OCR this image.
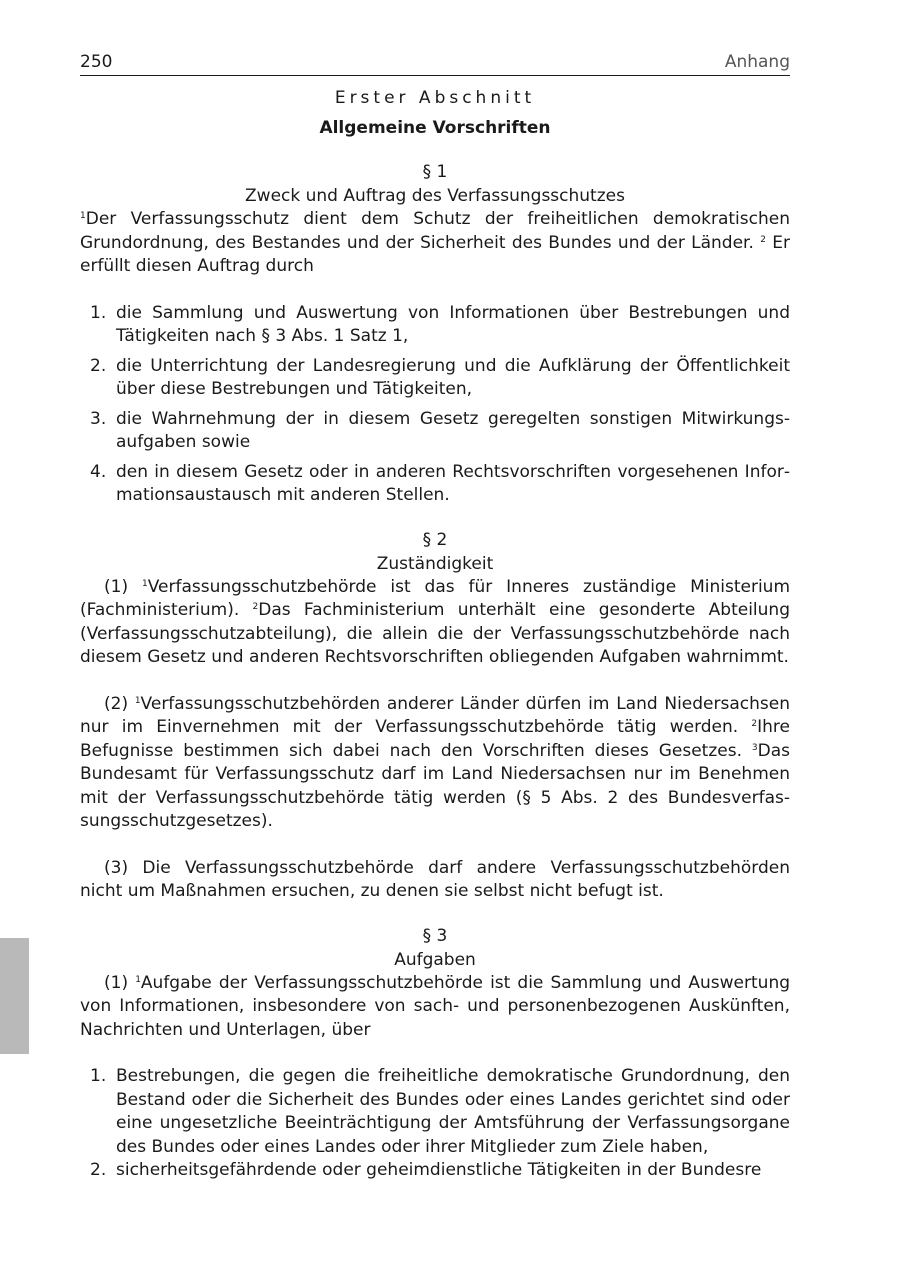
250	Anhang
Erster Abschnitt
Allgemeine Vorschriften
§ 1
Zweck und Auftrag des Verfassungsschutzes

$^1$Der Verfassungsschutz dient dem Schutz der freiheitlichen demokratischen Grundordnung, des Bestandes und der Sicherheit des Bundes und der Länder. $^2$ Er erfüllt diesen Auftrag durch

1. die Sammlung und Auswertung von Informationen über Bestrebungen und Tätigkeiten nach § 3 Abs. 1 Satz 1,
2. die Unterrichtung der Landesregierung und die Aufklärung der Öffentlichkeit über diese Bestrebungen und Tätigkeiten,
3. die Wahrnehmung der in diesem Gesetz geregelten sonstigen Mitwirkungsaufgaben sowie
4. den in diesem Gesetz oder in anderen Rechtsvorschriften vorgesehenen Informationsaustausch mit anderen Stellen.
§ 2
Zuständigkeit

(1) $^1$Verfassungsschutzbehörde ist das für Inneres zuständige Ministerium (Fachministerium). $^2$Das Fachministerium unterhält eine gesonderte Abteilung (Verfassungsschutzabteilung), die allein die der Verfassungsschutzbehörde nach diesem Gesetz und anderen Rechtsvorschriften obliegenden Aufgaben wahrnimmt.

(2) $^1$Verfassungsschutzbehörden anderer Länder dürfen im Land Niedersachsen nur im Einvernehmen mit der Verfassungsschutzbehörde tätig werden. $^2$Ihre Befugnisse bestimmen sich dabei nach den Vorschriften dieses Gesetzes. $^3$Das Bundesamt für Verfassungsschutz darf im Land Niedersachsen nur im Benehmen mit der Verfassungsschutzbehörde tätig werden (§ 5 Abs. 2 des Bundesverfassungsschutzgesetzes).

(3) Die Verfassungsschutzbehörde darf andere Verfassungsschutzbehörden nicht um Maßnahmen ersuchen, zu denen sie selbst nicht befugt ist.

§ 3
Aufgaben

(1) $^1$Aufgabe der Verfassungsschutzbehörde ist die Sammlung und Auswertung von Informationen, insbesondere von sach- und personenbezogenen Auskünften, Nachrichten und Unterlagen, über

1. Bestrebungen, die gegen die freiheitliche demokratische Grundordnung, den Bestand oder die Sicherheit des Bundes oder eines Landes gerichtet sind oder eine ungesetzliche Beeinträchtigung der Amtsführung der Verfassungsorgane des Bundes oder eines Landes oder ihrer Mitglieder zum Ziele haben,
2. sicherheitsgefährdende oder geheimdienstliche Tätigkeiten in der Bundesre
